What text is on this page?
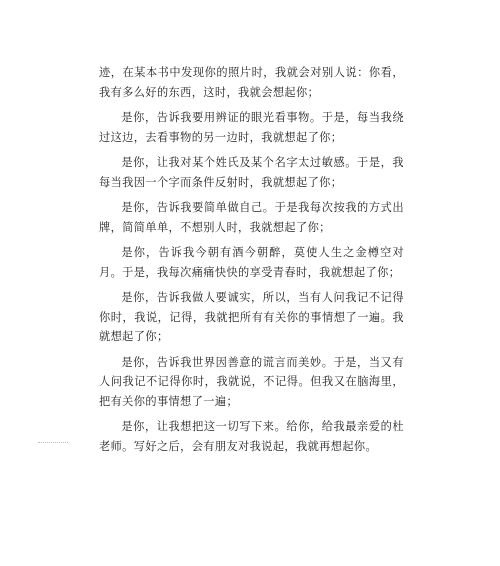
迹，在某本书中发现你的照片时，我就会对别人说：你看，我有多么好的东西，这时，我就会想起你；

是你，告诉我要用辨证的眼光看事物。于是，每当我绕过这边，去看事物的另一边时，我就想起了你；

是你，让我对某个姓氏及某个名字太过敏感。于是，我每当我因一个字而条件反射时，我就想起了你；

是你，告诉我要简单做自己。于是我每次按我的方式出牌，简简单单，不想别人时，我就想起了你；

是你，告诉我今朝有酒今朝醉，莫使人生之金樽空对月。于是，我每次痛痛快快的享受青春时，我就想起了你；

是你，告诉我做人要诚实，所以，当有人问我记不记得你时，我说，记得，我就把所有有关你的事情想了一遍。我就想起了你；

是你，告诉我世界因善意的谎言而美妙。于是，当又有人问我记不记得你时，我就说，不记得。但我又在脑海里，把有关你的事情想了一遍；

是你，让我想把这一切写下来。给你，给我最亲爱的杜老师。写好之后，会有朋友对我说起，我就再想起你。
